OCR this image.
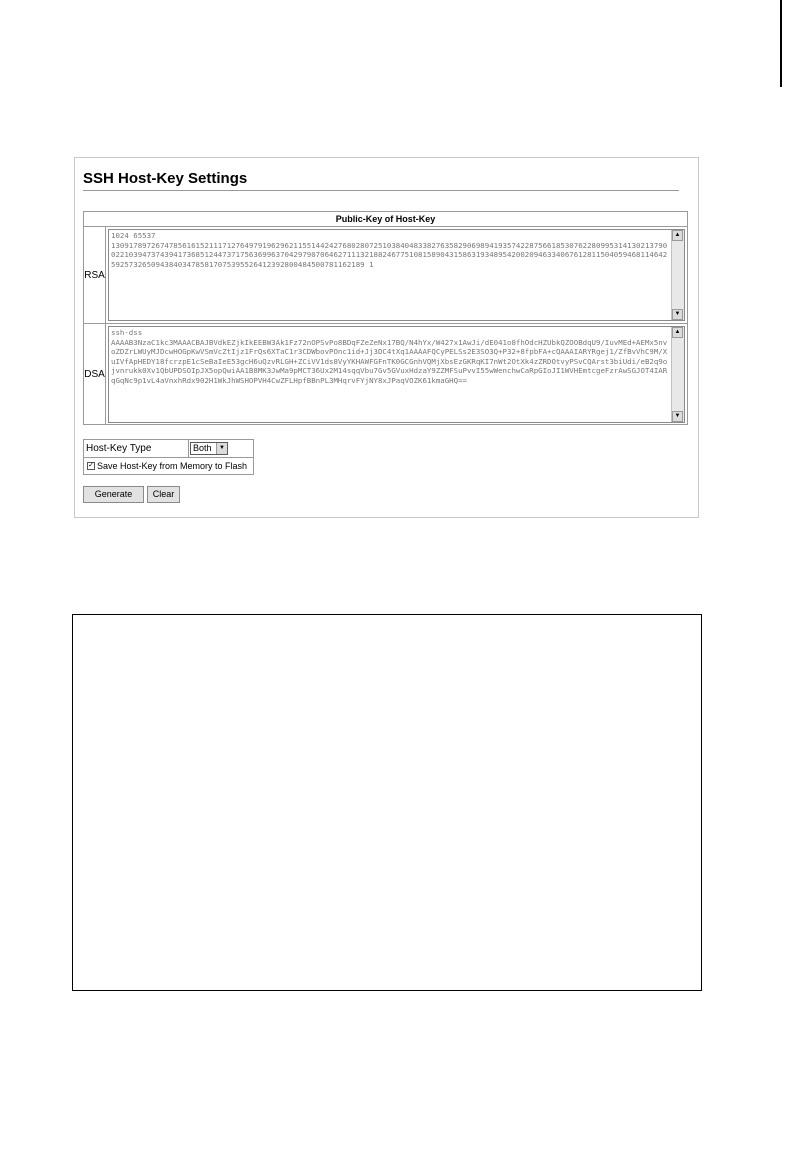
SSH Host-Key Settings
Public-Key of Host-Key
RSA
1024 65537
1309178972674785616152111712764979196296211551442427680280725103840483382763582906989419357422875661853076228099531413021379002210394737439417368512447371756369963704297907064627111321882467751081589043158631934895420020946334067612811504059468114642592573265094384034785817075395526412392800484500781162189 1
▲
▼
DSA
ssh-dss
AAAAB3NzaC1kc3MAAACBAJBVdkEZjkIkEEBW3Ak1Fz72nOPSvPo8BDqFZeZeNx17BQ/N4hYx/W427x1AwJi/dE041o8fhOdcHZUbkQZOOBdqU9/IuvMEd+AEMx5nvoZDZrLWUyMJDcwHOGpKwVSmVcZtIjz1FrQs6XTaC1r3CDWbovPOnc1id+Jj3DC4tXq1AAAAFQCyPELSs2E3SO3Q+P32+8fpbFA+cQAAAIARYRgej1/ZfBvVhC9M/XuIVfApHEDY18fcrzpE1cSeBaIeE53gcH6uQzvRLGH+ZCiVV1ds8VyYKHAWFGFnTK0GCGnhVQMjXbsEzGKRqKI7nWt2OtXk4zZRDOtvyPSvCQArst3biUdi/eB2q9ojvnrukk0Xv1QbUPDSOIpJX5opQwiAA1B8MK3JwMa9pMCT36Ux2M14sqqVbu7Gv5GVuxHdzaY9ZZMFSuPvvI55wWenchwCaRpGIoJI1WVHEmtcgeFzrAwSGJOT4IARqGqNc9p1vL4aVnxhRdx902H1WkJhWSHOPVH4CwZFLHpfBBnPL3MHqrvFYjNY8xJPaqVOZK61kmaGHQ==
▲
▼
Host-Key Type	Both	▼
✓ Save Host-Key from Memory to Flash
Generate	Clear
